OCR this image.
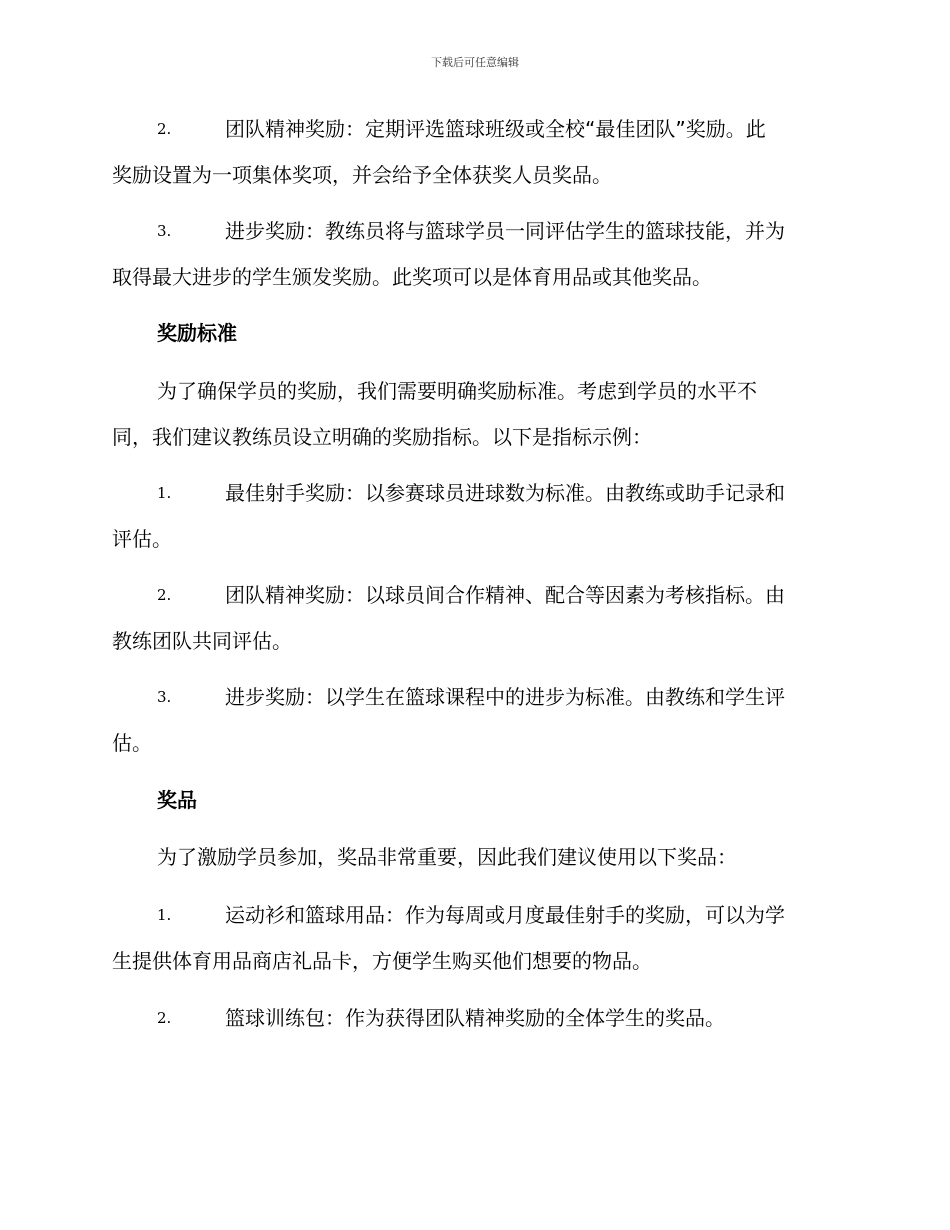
下载后可任意编辑
2.	团队精神奖励：定期评选篮球班级或全校“最佳团队”奖励。此
奖励设置为一项集体奖项，并会给予全体获奖人员奖品。
3.	进步奖励：教练员将与篮球学员一同评估学生的篮球技能，并为
取得最大进步的学生颁发奖励。此奖项可以是体育用品或其他奖品。
奖励标准
为了确保学员的奖励，我们需要明确奖励标准。考虑到学员的水平不
同，我们建议教练员设立明确的奖励指标。以下是指标示例：
1.	最佳射手奖励：以参赛球员进球数为标准。由教练或助手记录和
评估。
2.	团队精神奖励：以球员间合作精神、配合等因素为考核指标。由
教练团队共同评估。
3.	进步奖励：以学生在篮球课程中的进步为标准。由教练和学生评
估。
奖品
为了激励学员参加，奖品非常重要，因此我们建议使用以下奖品：
1.	运动衫和篮球用品：作为每周或月度最佳射手的奖励，可以为学
生提供体育用品商店礼品卡，方便学生购买他们想要的物品。
2.	篮球训练包：作为获得团队精神奖励的全体学生的奖品。
